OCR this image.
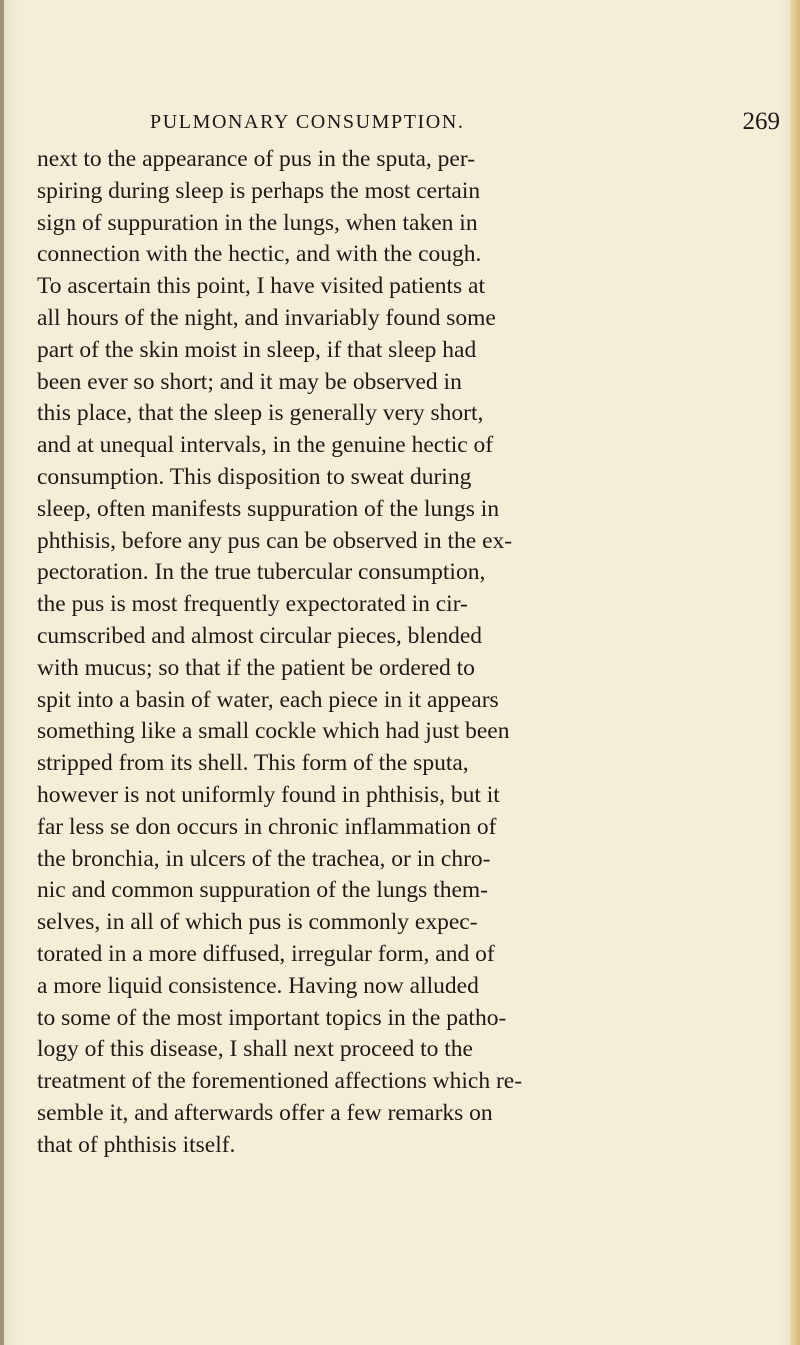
PULMONARY CONSUMPTION.	269
next to the appearance of pus in the sputa, per-
spiring during sleep is perhaps the most certain
sign of suppuration in the lungs, when taken in
connection with the hectic, and with the cough.
To ascertain this point, I have visited patients at
all hours of the night, and invariably found some
part of the skin moist in sleep, if that sleep had
been ever so short; and it may be observed in
this place, that the sleep is generally very short,
and at unequal intervals, in the genuine hectic of
consumption. This disposition to sweat during
sleep, often manifests suppuration of the lungs in
phthisis, before any pus can be observed in the ex-
pectoration. In the true tubercular consumption,
the pus is most frequently expectorated in cir-
cumscribed and almost circular pieces, blended
with mucus; so that if the patient be ordered to
spit into a basin of water, each piece in it appears
something like a small cockle which had just been
stripped from its shell. This form of the sputa,
however is not uniformly found in phthisis, but it
far less se don occurs in chronic inflammation of
the bronchia, in ulcers of the trachea, or in chro-
nic and common suppuration of the lungs them-
selves, in all of which pus is commonly expec-
torated in a more diffused, irregular form, and of
a more liquid consistence. Having now alluded
to some of the most important topics in the patho-
logy of this disease, I shall next proceed to the
treatment of the forementioned affections which re-
semble it, and afterwards offer a few remarks on
that of phthisis itself.
